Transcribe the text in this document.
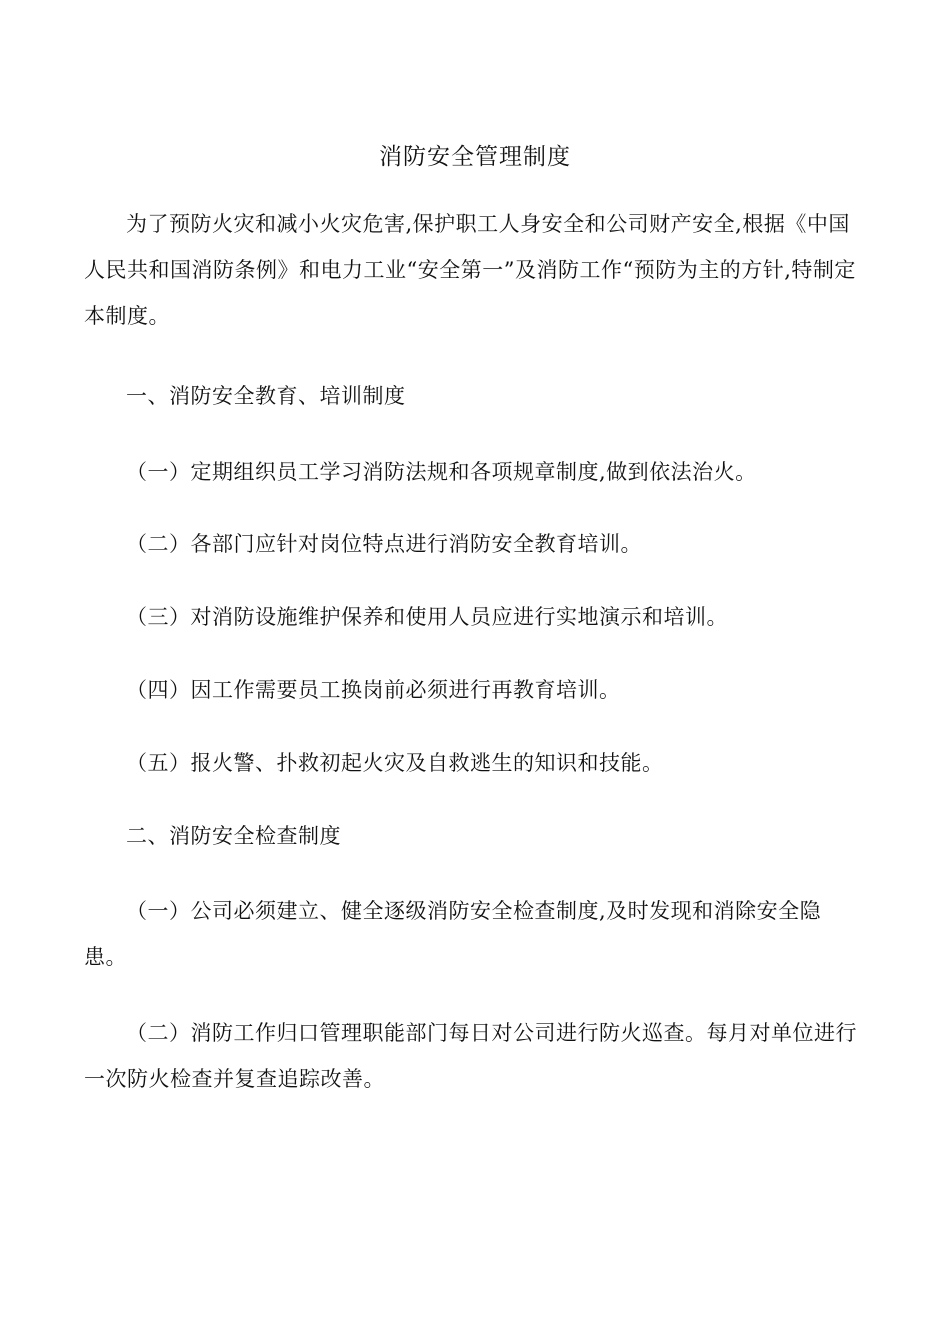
消防安全管理制度

为了预防火灾和减小火灾危害,保护职工人身安全和公司财产安全,根据《中国人民共和国消防条例》和电力工业“安全第一”及消防工作“预防为主的方针,特制定本制度。

一、消防安全教育、培训制度

（一）定期组织员工学习消防法规和各项规章制度,做到依法治火。

（二）各部门应针对岗位特点进行消防安全教育培训。

（三）对消防设施维护保养和使用人员应进行实地演示和培训。

（四）因工作需要员工换岗前必须进行再教育培训。

（五）报火警、扑救初起火灾及自救逃生的知识和技能。

二、消防安全检查制度

（一）公司必须建立、健全逐级消防安全检查制度,及时发现和消除安全隐患。

（二）消防工作归口管理职能部门每日对公司进行防火巡查。每月对单位进行一次防火检查并复查追踪改善。
